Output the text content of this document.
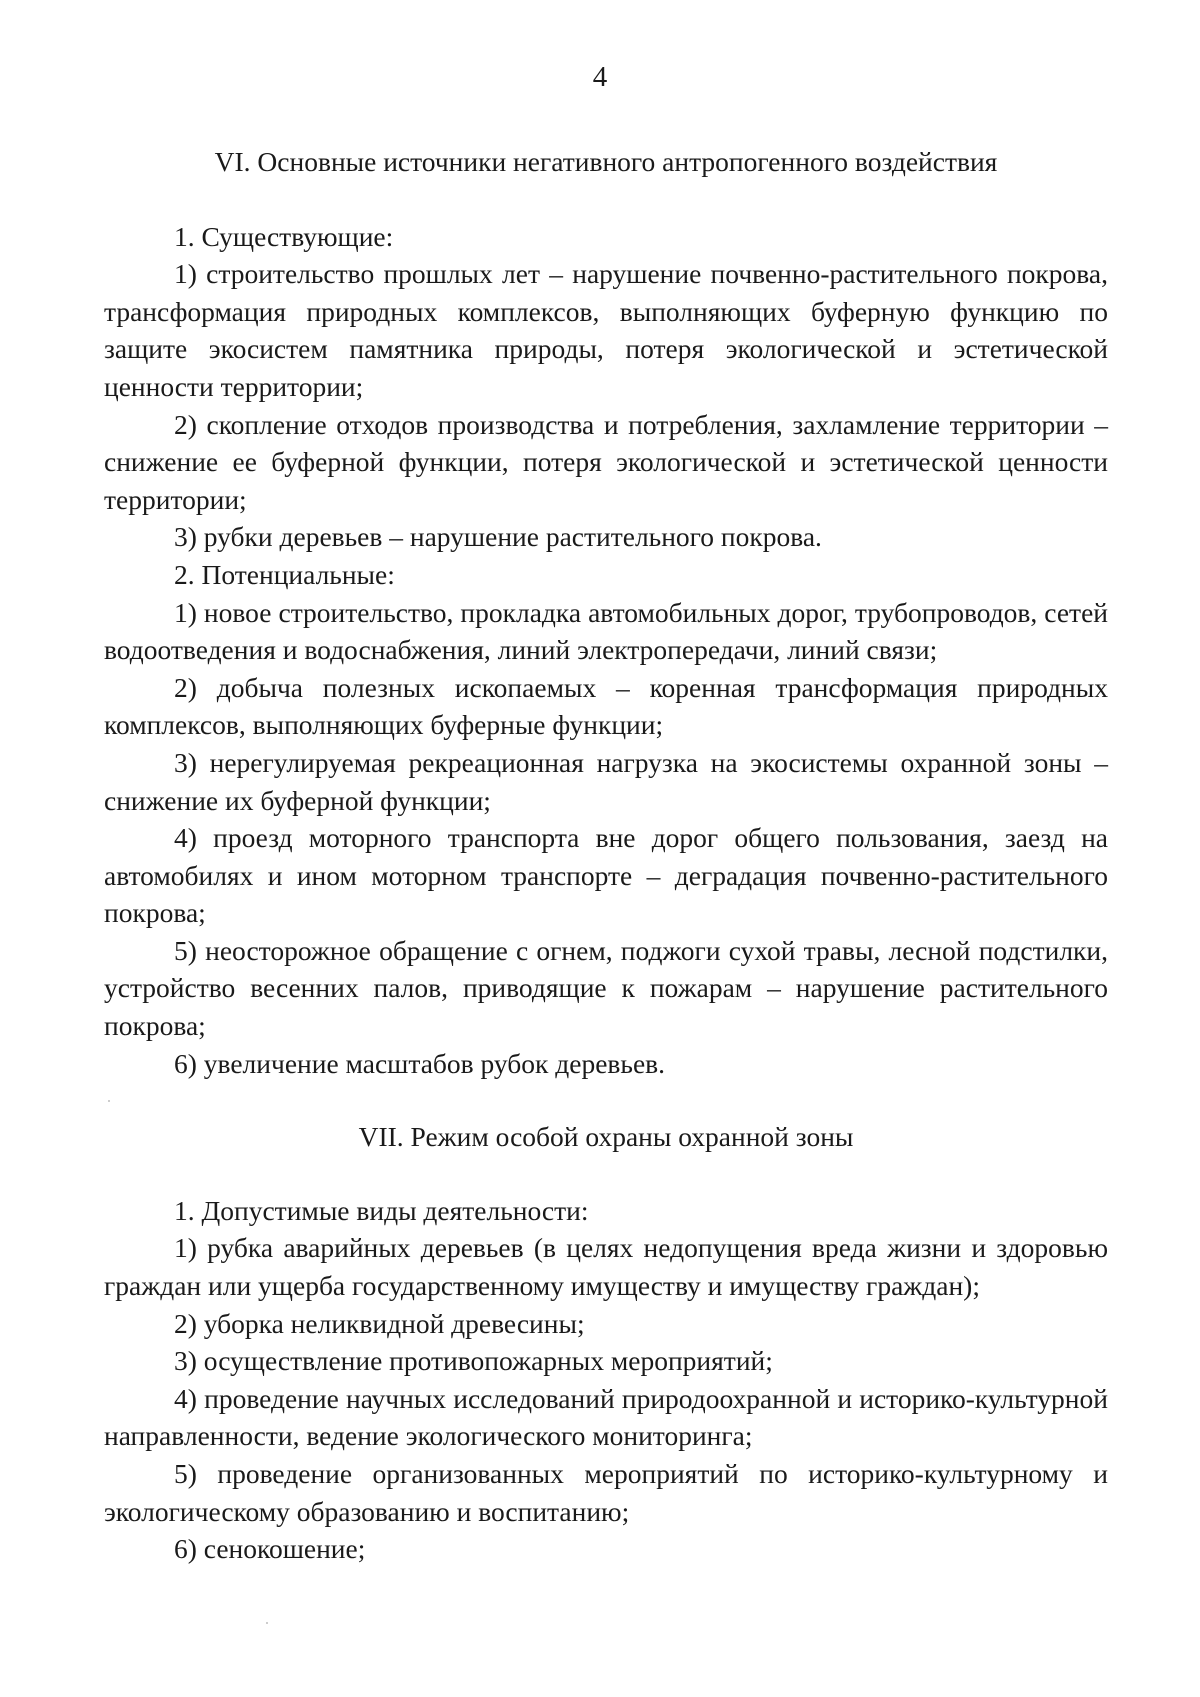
4
VI. Основные источники негативного антропогенного воздействия

1. Существующие:

1) строительство прошлых лет – нарушение почвенно-растительного покрова, трансформация природных комплексов, выполняющих буферную функцию по защите экосистем памятника природы, потеря экологической и эстетической ценности территории;

2) скопление отходов производства и потребления, захламление территории – снижение ее буферной функции, потеря экологической и эстетической ценности территории;

3) рубки деревьев – нарушение растительного покрова.

2. Потенциальные:

1) новое строительство, прокладка автомобильных дорог, трубопроводов, сетей водоотведения и водоснабжения, линий электропередачи, линий связи;

2) добыча полезных ископаемых – коренная трансформация природных комплексов, выполняющих буферные функции;

3) нерегулируемая рекреационная нагрузка на экосистемы охранной зоны – снижение их буферной функции;

4) проезд моторного транспорта вне дорог общего пользования, заезд на автомобилях и ином моторном транспорте – деградация почвенно-растительного покрова;

5) неосторожное обращение с огнем, поджоги сухой травы, лесной подстилки, устройство весенних палов, приводящие к пожарам – нарушение растительного покрова;

6) увеличение масштабов рубок деревьев.

VII. Режим особой охраны охранной зоны

1. Допустимые виды деятельности:

1) рубка аварийных деревьев (в целях недопущения вреда жизни и здоровью граждан или ущерба государственному имуществу и имуществу граждан);

2) уборка неликвидной древесины;

3) осуществление противопожарных мероприятий;

4) проведение научных исследований природоохранной и историко-культурной направленности, ведение экологического мониторинга;

5) проведение организованных мероприятий по историко-культурному и экологическому образованию и воспитанию;

6) сенокошение;
